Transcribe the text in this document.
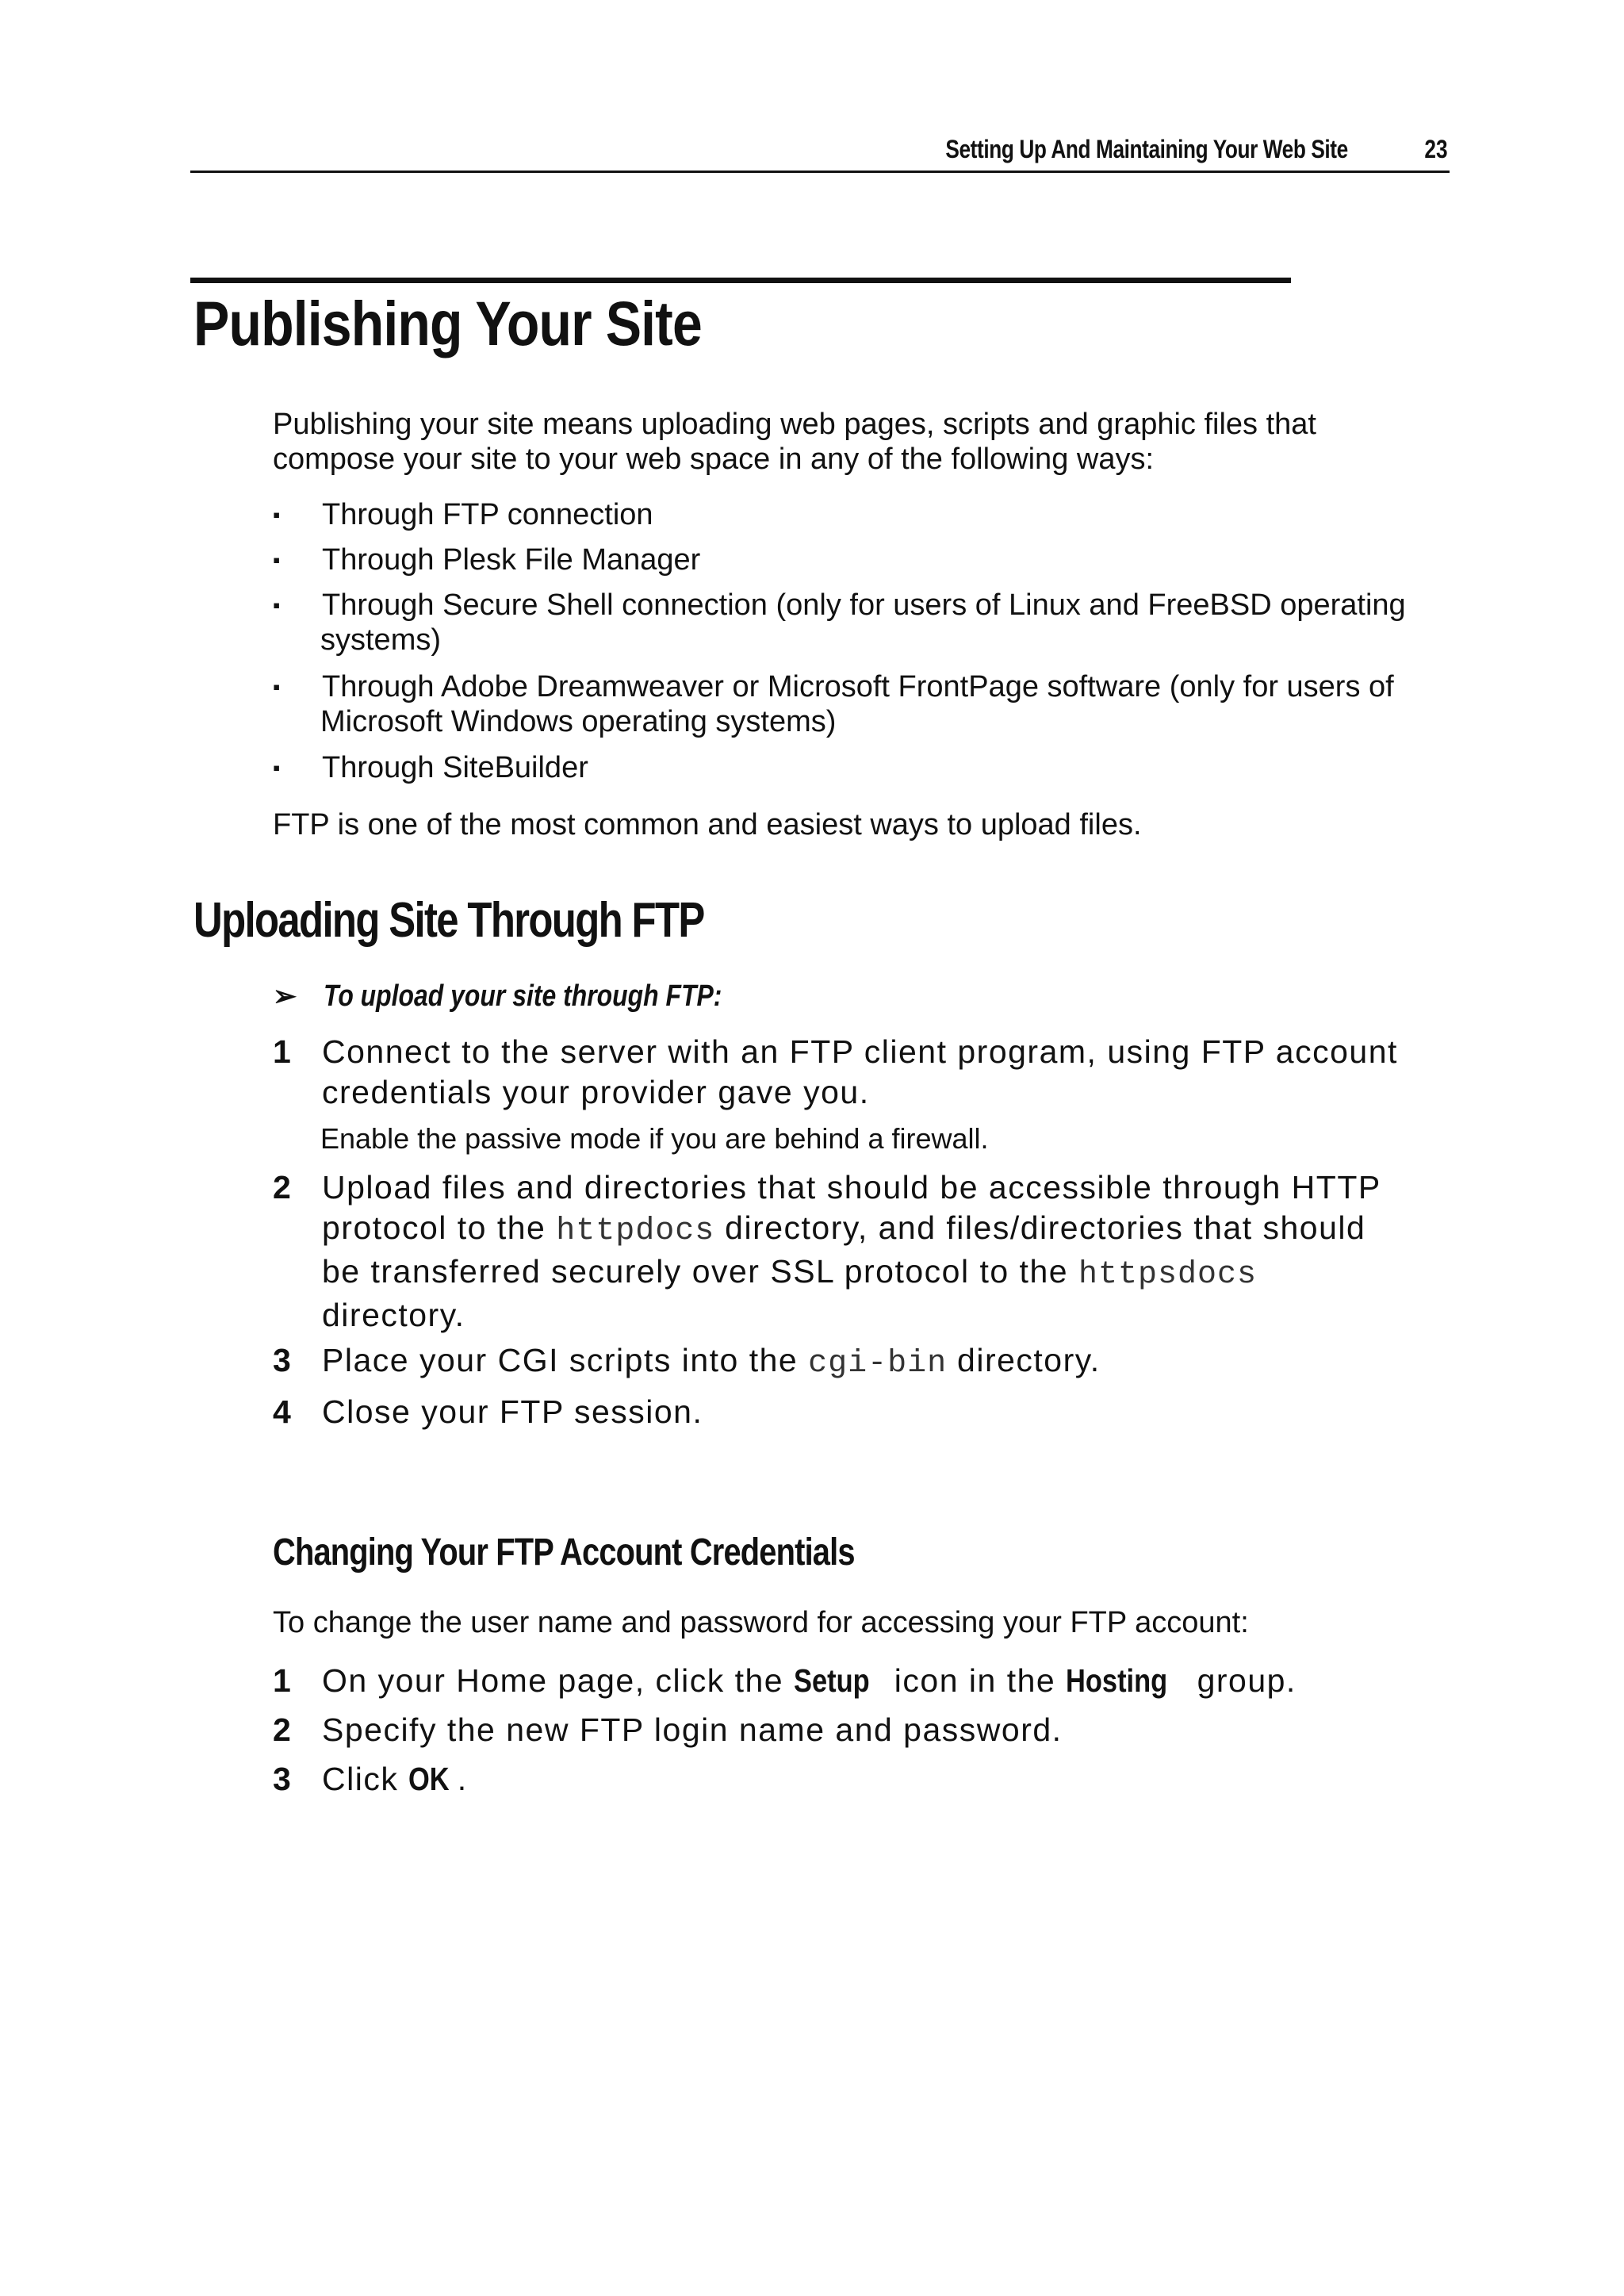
Setting Up And Maintaining Your Web Site	23
Publishing Your Site
Publishing your site means uploading web pages, scripts and graphic files that
compose your site to your web space in any of the following ways:
▪	Through FTP connection
▪	Through Plesk File Manager
▪	Through Secure Shell connection (only for users of Linux and FreeBSD operating
systems)
▪	Through Adobe Dreamweaver or Microsoft FrontPage software (only for users of
Microsoft Windows operating systems)
▪	Through SiteBuilder
FTP is one of the most common and easiest ways to upload files.
Uploading Site Through FTP
➢ To upload your site through FTP:
1 Connect to the server with an FTP client program, using FTP account
credentials your provider gave you.
Enable the passive mode if you are behind a firewall.
2 Upload files and directories that should be accessible through HTTP
protocol to the httpdocs directory, and files/directories that should
be transferred securely over SSL protocol to the httpsdocs
directory.
3 Place your CGI scripts into the cgi-bin directory.
4 Close your FTP session.
Changing Your FTP Account Credentials
To change the user name and password for accessing your FTP account:
1 On your Home page, click the Setup icon in the Hosting group.
2 Specify the new FTP login name and password.
3 Click OK .
